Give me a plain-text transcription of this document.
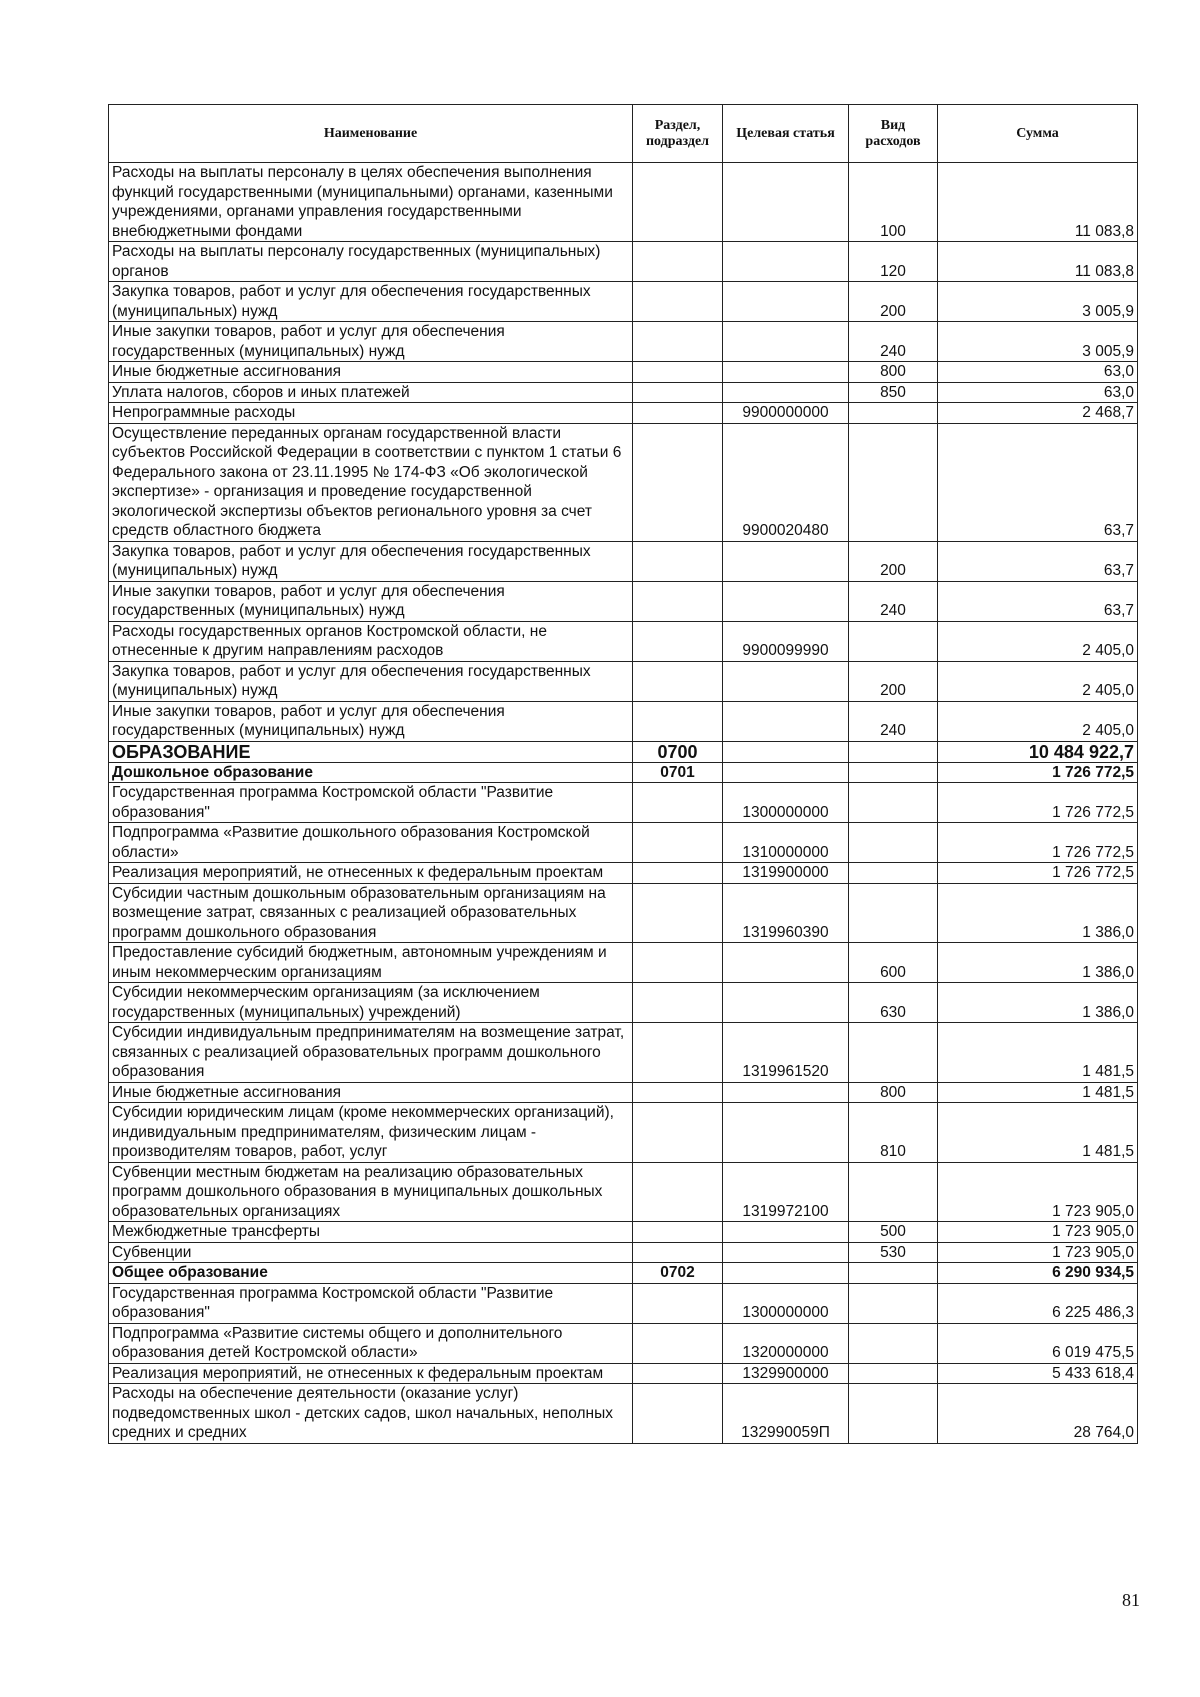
Наименование	Раздел, подраздел	Целевая статья	Вид расходов	Сумма
Расходы на выплаты персоналу в целях обеспечения выполнения функций государственными (муниципальными) органами, казенными учреждениями, органами управления государственными внебюджетными фондами			100	11 083,8
Расходы на выплаты персоналу государственных (муниципальных) органов			120	11 083,8
Закупка товаров, работ и услуг для обеспечения государственных (муниципальных) нужд			200	3 005,9
Иные закупки товаров, работ и услуг для обеспечения государственных (муниципальных) нужд			240	3 005,9
Иные бюджетные ассигнования			800	63,0
Уплата налогов, сборов и иных платежей			850	63,0
Непрограммные расходы		9900000000		2 468,7
Осуществление переданных органам государственной власти субъектов Российской Федерации в соответствии с пунктом 1 статьи 6 Федерального закона от 23.11.1995 № 174-ФЗ «Об экологической экспертизе» - организация и проведение государственной экологической экспертизы объектов регионального уровня за счет средств областного бюджета		9900020480		63,7
Закупка товаров, работ и услуг для обеспечения государственных (муниципальных) нужд			200	63,7
Иные закупки товаров, работ и услуг для обеспечения государственных (муниципальных) нужд			240	63,7
Расходы государственных органов Костромской области, не отнесенные к другим направлениям расходов		9900099990		2 405,0
Закупка товаров, работ и услуг для обеспечения государственных (муниципальных) нужд			200	2 405,0
Иные закупки товаров, работ и услуг для обеспечения государственных (муниципальных) нужд			240	2 405,0
ОБРАЗОВАНИЕ	0700			10 484 922,7
Дошкольное образование	0701			1 726 772,5
Государственная программа Костромской области "Развитие образования"		1300000000		1 726 772,5
Подпрограмма «Развитие дошкольного образования Костромской области»		1310000000		1 726 772,5
Реализация мероприятий, не отнесенных к федеральным проектам		1319900000		1 726 772,5
Субсидии частным дошкольным образовательным организациям на возмещение затрат, связанных с реализацией образовательных программ дошкольного образования		1319960390		1 386,0
Предоставление субсидий бюджетным, автономным учреждениям и иным некоммерческим организациям			600	1 386,0
Субсидии некоммерческим организациям (за исключением государственных (муниципальных) учреждений)			630	1 386,0
Субсидии индивидуальным предпринимателям на возмещение затрат, связанных с реализацией образовательных программ дошкольного образования		1319961520		1 481,5
Иные бюджетные ассигнования			800	1 481,5
Субсидии юридическим лицам (кроме некоммерческих организаций), индивидуальным предпринимателям, физическим лицам - производителям товаров, работ, услуг			810	1 481,5
Субвенции местным бюджетам на реализацию образовательных программ дошкольного образования в муниципальных дошкольных образовательных организациях		1319972100		1 723 905,0
Межбюджетные трансферты			500	1 723 905,0
Субвенции			530	1 723 905,0
Общее образование	0702			6 290 934,5
Государственная программа Костромской области "Развитие образования"		1300000000		6 225 486,3
Подпрограмма «Развитие системы общего и дополнительного образования детей Костромской области»		1320000000		6 019 475,5
Реализация мероприятий, не отнесенных к федеральным проектам		1329900000		5 433 618,4
Расходы на обеспечение деятельности (оказание услуг) подведомственных школ - детских садов, школ начальных, неполных средних и средних		132990059П		28 764,0
81
